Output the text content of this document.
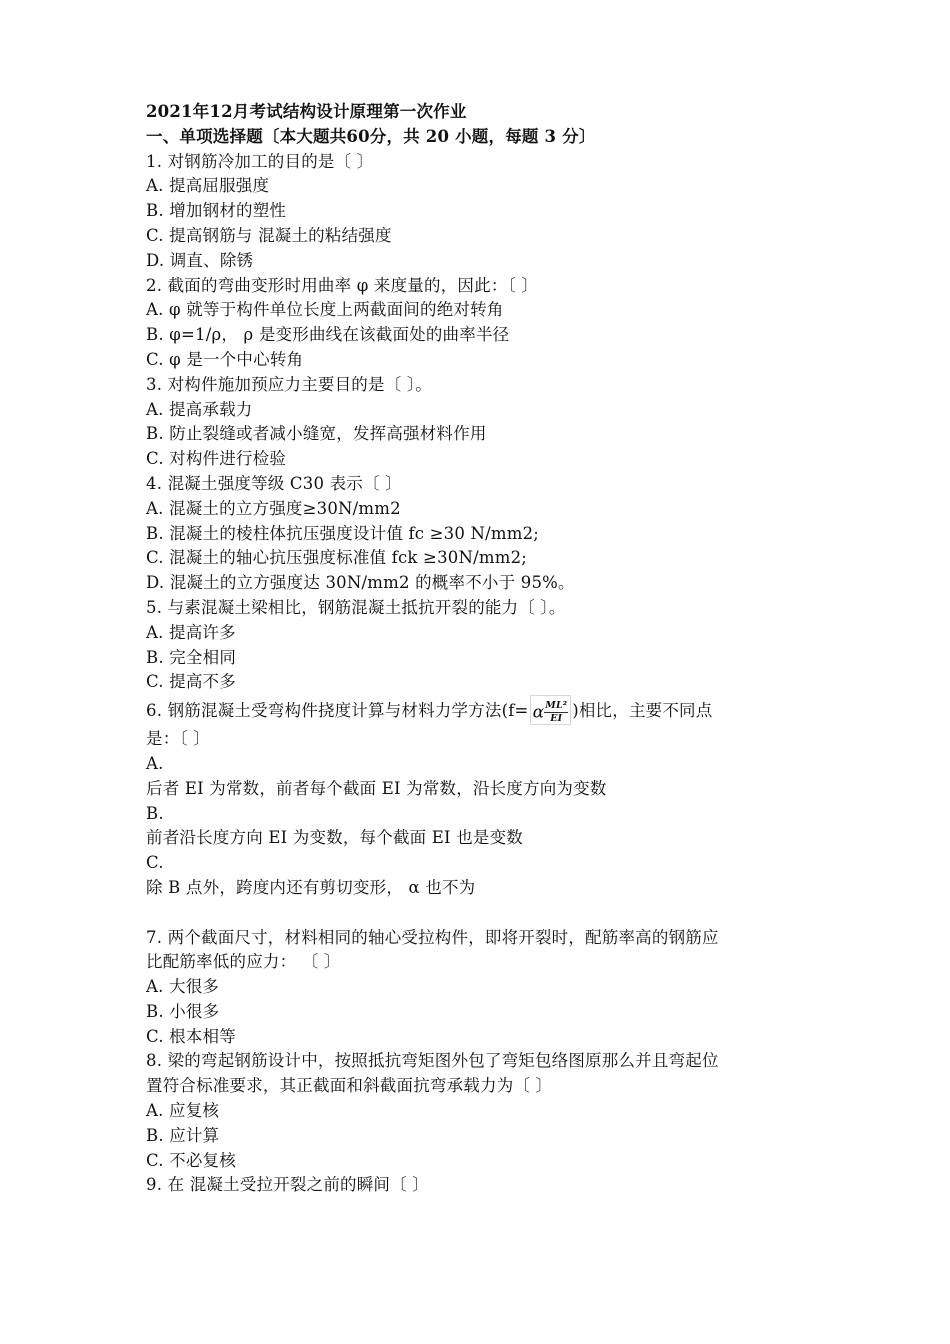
2021年12月考试结构设计原理第一次作业
一、单项选择题〔本大题共60分，共 20 小题，每题 3 分〕
1. 对钢筋冷加工的目的是〔 〕
A. 提高屈服强度
B. 增加钢材的塑性
C. 提高钢筋与 混凝土的粘结强度
D. 调直、除锈
2. 截面的弯曲变形时用曲率 φ 来度量的，因此：〔 〕
A. φ 就等于构件单位长度上两截面间的绝对转角
B. φ=1/ρ， ρ 是变形曲线在该截面处的曲率半径
C. φ 是一个中心转角
3. 对构件施加预应力主要目的是〔 〕。
A. 提高承载力
B. 防止裂缝或者减小缝宽，发挥高强材料作用
C. 对构件进行检验
4. 混凝土强度等级 C30 表示〔 〕
A. 混凝土的立方强度≥30N/mm2
B. 混凝土的棱柱体抗压强度设计值 fc ≥30 N/mm2;
C. 混凝土的轴心抗压强度标准值 fck ≥30N/mm2;
D. 混凝土的立方强度达 30N/mm2 的概率不小于 95%。
5. 与素混凝土梁相比，钢筋混凝土抵抗开裂的能力〔 〕。
A. 提高许多
B. 完全相同
C. 提高不多
6. 钢筋混凝土受弯构件挠度计算与材料力学方法(f= α $\frac{\text{ML²}}{EI}$ )相比，主要不同点
是：〔 〕
A.
后者 EI 为常数，前者每个截面 EI 为常数，沿长度方向为变数
B.
前者沿长度方向 EI 为变数，每个截面 EI 也是变数
C.
除 B 点外，跨度内还有剪切变形， α 也不为
7. 两个截面尺寸，材料相同的轴心受拉构件，即将开裂时，配筋率高的钢筋应
比配筋率低的应力： 〔 〕
A. 大很多
B. 小很多
C. 根本相等
8. 梁的弯起钢筋设计中，按照抵抗弯矩图外包了弯矩包络图原那么并且弯起位
置符合标准要求，其正截面和斜截面抗弯承载力为〔 〕
A. 应复核
B. 应计算
C. 不必复核
9. 在 混凝土受拉开裂之前的瞬间〔 〕
